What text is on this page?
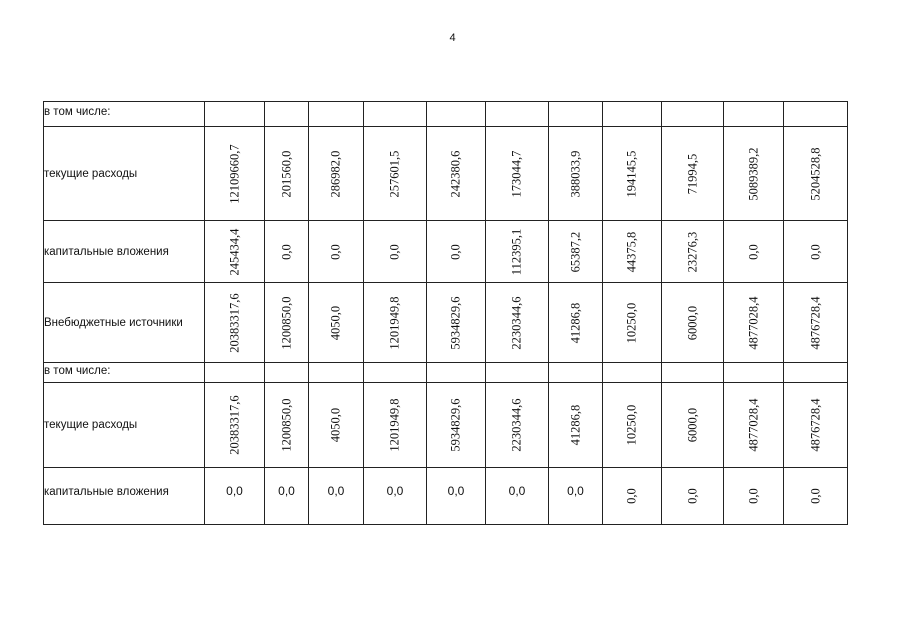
4
в том числе:											
текущие расходы	12109660,7	201560,0	286982,0	257601,5	242380,6	173044,7	388033,9	194145,5	71994,5	5089389,2	5204528,8

капитальные вложения	245434,4	0,0	0,0	0,0	0,0	112395,1	65387,2	44375,8	23276,3	0,0	0,0

Внебюджетные источники	20383317,6	1200850,0	4050,0	1201949,8	5934829,6	2230344,6	41286,8	10250,0	6000,0	4877028,4	4876728,4

в том числе:											
текущие расходы	20383317,6	1200850,0	4050,0	1201949,8	5934829,6	2230344,6	41286,8	10250,0	6000,0	4877028,4	4876728,4

капитальные вложения	0,0	0,0	0,0	0,0	0,0	0,0	0,0	0,0	0,0	0,0	0,0
